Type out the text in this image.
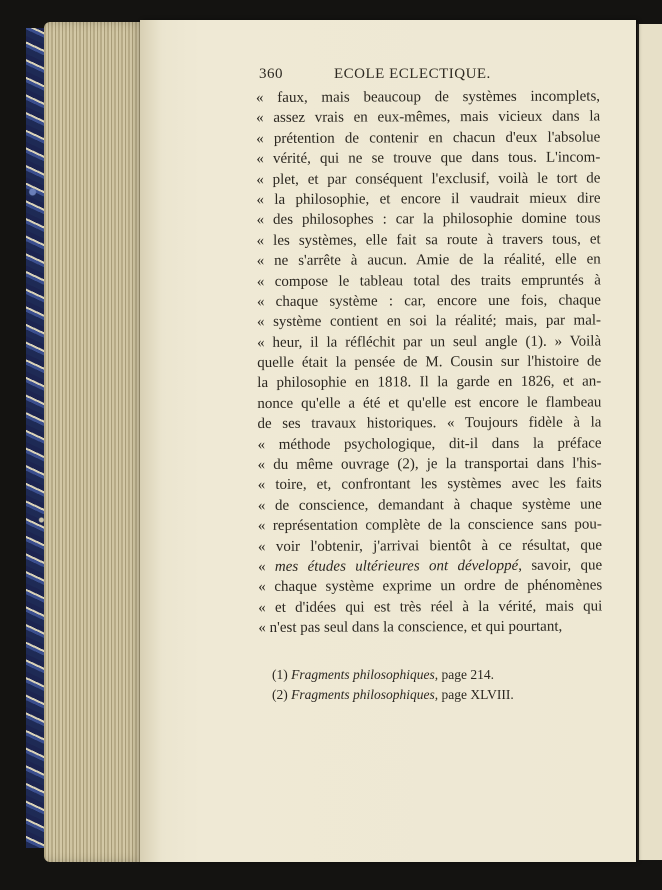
360	ECOLE ECLECTIQUE.
« faux, mais beaucoup de systèmes incomplets,
« assez vrais en eux-mêmes, mais vicieux dans la
« prétention de contenir en chacun d'eux l'absolue
« vérité, qui ne se trouve que dans tous. L'incom-
« plet, et par conséquent l'exclusif, voilà le tort de
« la philosophie, et encore il vaudrait mieux dire
« des philosophes : car la philosophie domine tous
« les systèmes, elle fait sa route à travers tous, et
« ne s'arrête à aucun. Amie de la réalité, elle en
« compose le tableau total des traits empruntés à
« chaque système : car, encore une fois, chaque
« système contient en soi la réalité; mais, par mal-
« heur, il la réfléchit par un seul angle (1). » Voilà
quelle était la pensée de M. Cousin sur l'histoire de
la philosophie en 1818. Il la garde en 1826, et an-
nonce qu'elle a été et qu'elle est encore le flambeau
de ses travaux historiques. « Toujours fidèle à la
« méthode psychologique, dit-il dans la préface
« du même ouvrage (2), je la transportai dans l'his-
« toire, et, confrontant les systèmes avec les faits
« de conscience, demandant à chaque système une
« représentation complète de la conscience sans pou-
« voir l'obtenir, j'arrivai bientôt à ce résultat, que
« mes études ultérieures ont développé, savoir, que
« chaque système exprime un ordre de phénomènes
« et d'idées qui est très réel à la vérité, mais qui
« n'est pas seul dans la conscience, et qui pourtant,
(1) Fragments philosophiques, page 214.
(2) Fragments philosophiques, page XLVIII.
